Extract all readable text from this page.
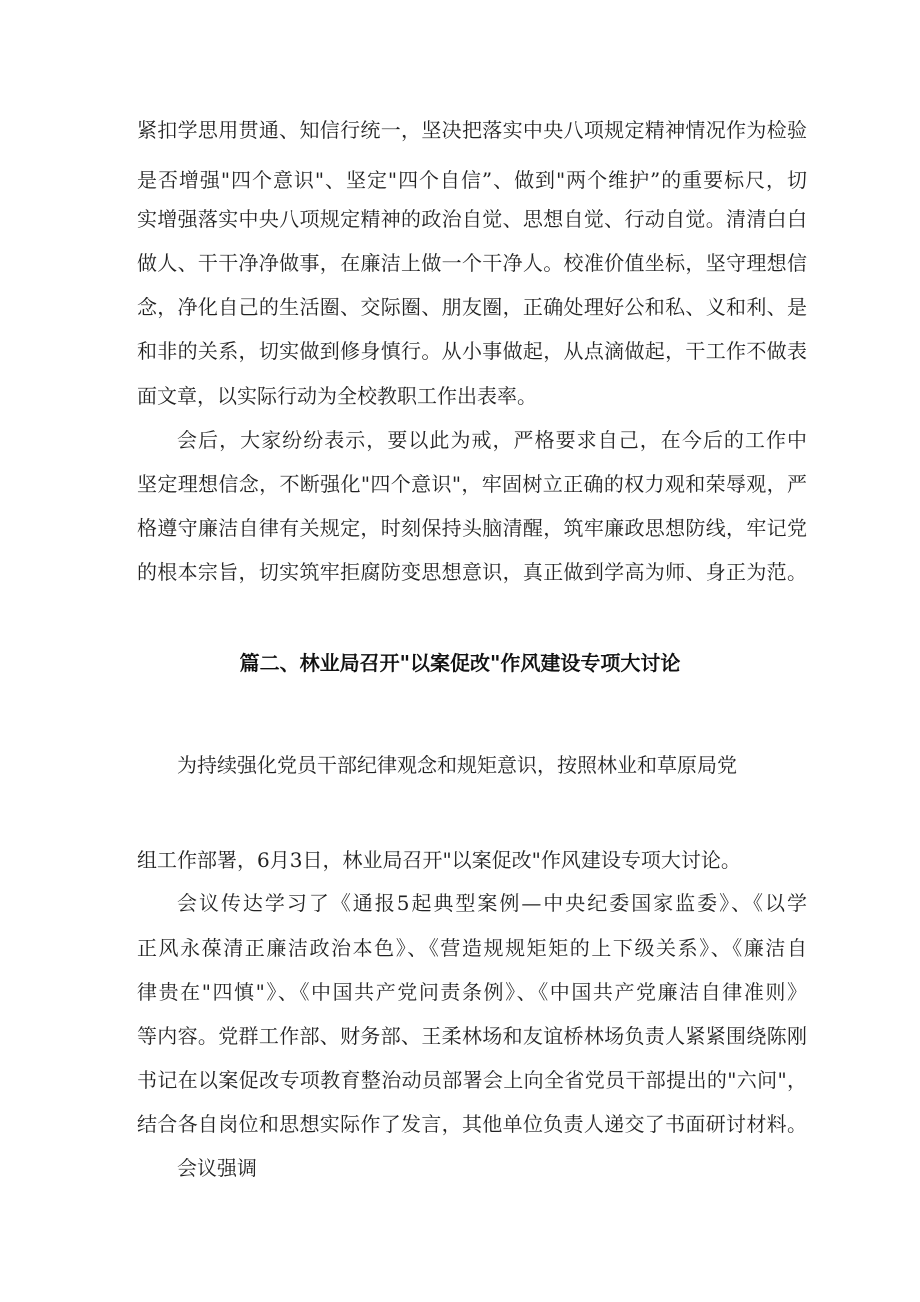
紧扣学思用贯通、知信行统一，坚决把落实中央八项规定精神情况作为检验
是否增强"四个意识"、坚定"四个自信”、做到"两个维护”的重要标尺，切
实增强落实中央八项规定精神的政治自觉、思想自觉、行动自觉。清清白白
做人、干干净净做事，在廉洁上做一个干净人。校准价值坐标，坚守理想信
念，净化自己的生活圈、交际圈、朋友圈，正确处理好公和私、义和利、是
和非的关系，切实做到修身慎行。从小事做起，从点滴做起，干工作不做表
面文章，以实际行动为全校教职工作出表率。
会后，大家纷纷表示，要以此为戒，严格要求自己，在今后的工作中
坚定理想信念，不断强化"四个意识"，牢固树立正确的权力观和荣辱观，严
格遵守廉洁自律有关规定，时刻保持头脑清醒，筑牢廉政思想防线，牢记党
的根本宗旨，切实筑牢拒腐防变思想意识，真正做到学高为师、身正为范。
篇二、林业局召开"以案促改"作风建设专项大讨论
为持续强化党员干部纪律观念和规矩意识，按照林业和草原局党
组工作部署，6月3日，林业局召开"以案促改"作风建设专项大讨论。
会议传达学习了《通报5起典型案例—中央纪委国家监委》、《以学
正风永葆清正廉洁政治本色》、《营造规规矩矩的上下级关系》、《廉洁自
律贵在"四慎"》、《中国共产党问责条例》、《中国共产党廉洁自律准则》
等内容。党群工作部、财务部、王柔林场和友谊桥林场负责人紧紧围绕陈刚
书记在以案促改专项教育整治动员部署会上向全省党员干部提出的"六问"，
结合各自岗位和思想实际作了发言，其他单位负责人递交了书面研讨材料。
会议强调
